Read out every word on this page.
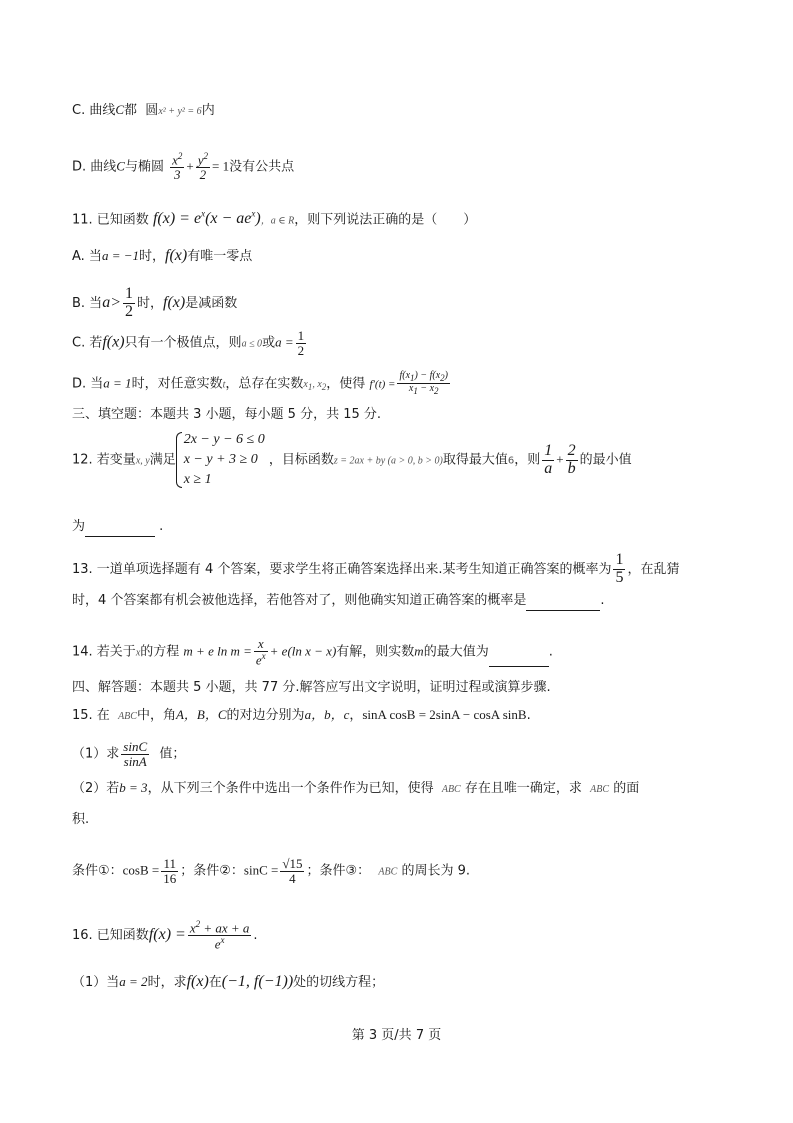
C. 曲线C都 圆x² + y² = 6内
D. 曲线C与椭圆 $\frac{x^2}{3} + \frac{y^2}{2} = 1$没有公共点
11. 已知函数 $f(x) = e^x(x - ae^x)$，a ∈ R，则下列说法正确的是（　　）
A. 当a = −1时，f(x)有唯一零点
B. 当$a> \frac{1}{2}$ 时，f(x)是减函数
C. 若f(x)只有一个极值点，则a ≤ 0或$a = \frac{1}{2}$
D. 当a = 1时，对任意实数t，总存在实数x1, x2，使得 $f'(t) = \frac{f(x1) - f(x2)}{x1 - x2}$
三、填空题：本题共 3 小题，每小题 5 分，共 15 分.
12. 若变量x, y满足
2x − y − 6 ≤ 0
x − y + 3 ≥ 0
x ≥ 1
，目标函数z = 2ax + by (a > 0, b > 0)取得最大值6，则 $\frac{1}{a} + \frac{2}{b}$ 的最小值
为	.
13. 一道单项选择题有 4 个答案，要求学生将正确答案选择出来.某考生知道正确答案的概率为 $\frac{1}{5}$ ，在乱猜
时，4 个答案都有机会被他选择，若他答对了，则他确实知道正确答案的概率是	.
14. 若关于x的方程 m + e $\ln m = \frac{x}{e^x} + e(\ln$ x − x)有解，则实数m的最大值为	.
四、解答题：本题共 5 小题，共 77 分.解答应写出文字说明，证明过程或演算步骤.
15. 在 ABC中，角A，B，C的对边分别为a，b，c，sinA cosB = 2sinA − cosA sinB.
（1）求 $\frac{\sin C}{\sin A}$ 值；
（2）若b = 3，从下列三个条件中选出一个条件作为已知，使得 ABC 存在且唯一确定，求 ABC 的面
积.
条件①：$\cos B = \frac{11}{16}$ ；条件②：$\sin C = \frac{√15}{4}$ ；条件③： ABC 的周长为 9.
16. 已知函数$f(x) = \frac{x^2 + ax + a}{e^x}$ .
（1）当a = 2时，求f(x)在(−1, f(−1))处的切线方程；
第 3 页/共 7 页
